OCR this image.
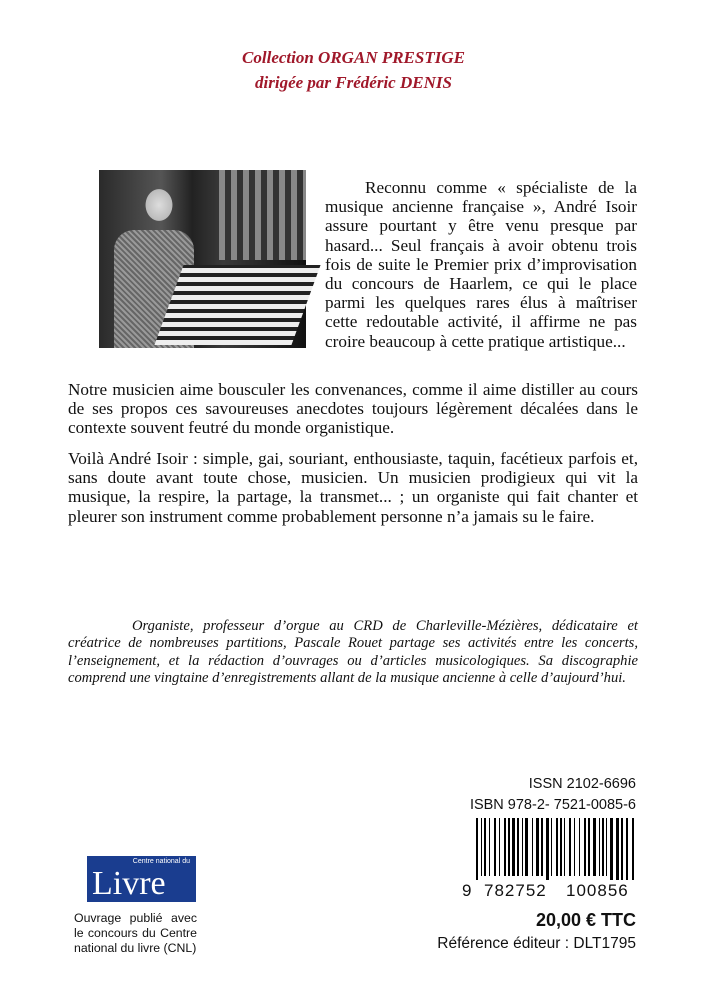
Collection ORGAN PRESTIGE
dirigée par Frédéric DENIS
Reconnu comme « spécialiste de la musique ancienne française », André Isoir assure pourtant y être venu presque par hasard... Seul français à avoir obtenu trois fois de suite le Premier prix d’improvisation du concours de Haarlem, ce qui le place parmi les quelques rares élus à maîtriser cette redoutable activité, il affirme ne pas croire beaucoup à cette pratique artistique...
Notre musicien aime bousculer les convenances, comme il aime distiller au cours de ses propos ces savoureuses anecdotes toujours légèrement décalées dans le contexte souvent feutré du monde organistique.
Voilà André Isoir : simple, gai, souriant, enthousiaste, taquin, facétieux parfois et, sans doute avant toute chose, musicien. Un musicien prodigieux qui vit la musique, la respire, la partage, la transmet... ; un organiste qui fait chanter et pleurer son instrument comme probablement personne n’a jamais su le faire.
Organiste, professeur d’orgue au CRD de Charleville-Mézières, dédicataire et créatrice de nombreuses partitions, Pascale Rouet partage ses activités entre les concerts, l’enseignement, et la rédaction d’ouvrages ou d’articles musicologiques. Sa discographie comprend une vingtaine d’enregistrements allant de la musique ancienne à celle d’aujourd’hui.
ISSN 2102-6696
ISBN 978-2- 7521-0085-6
9 782752 100856
20,00 € TTC
Référence éditeur : DLT1795
Centre national du
Livre
Ouvrage publié avec le concours du Centre national du livre (CNL)
